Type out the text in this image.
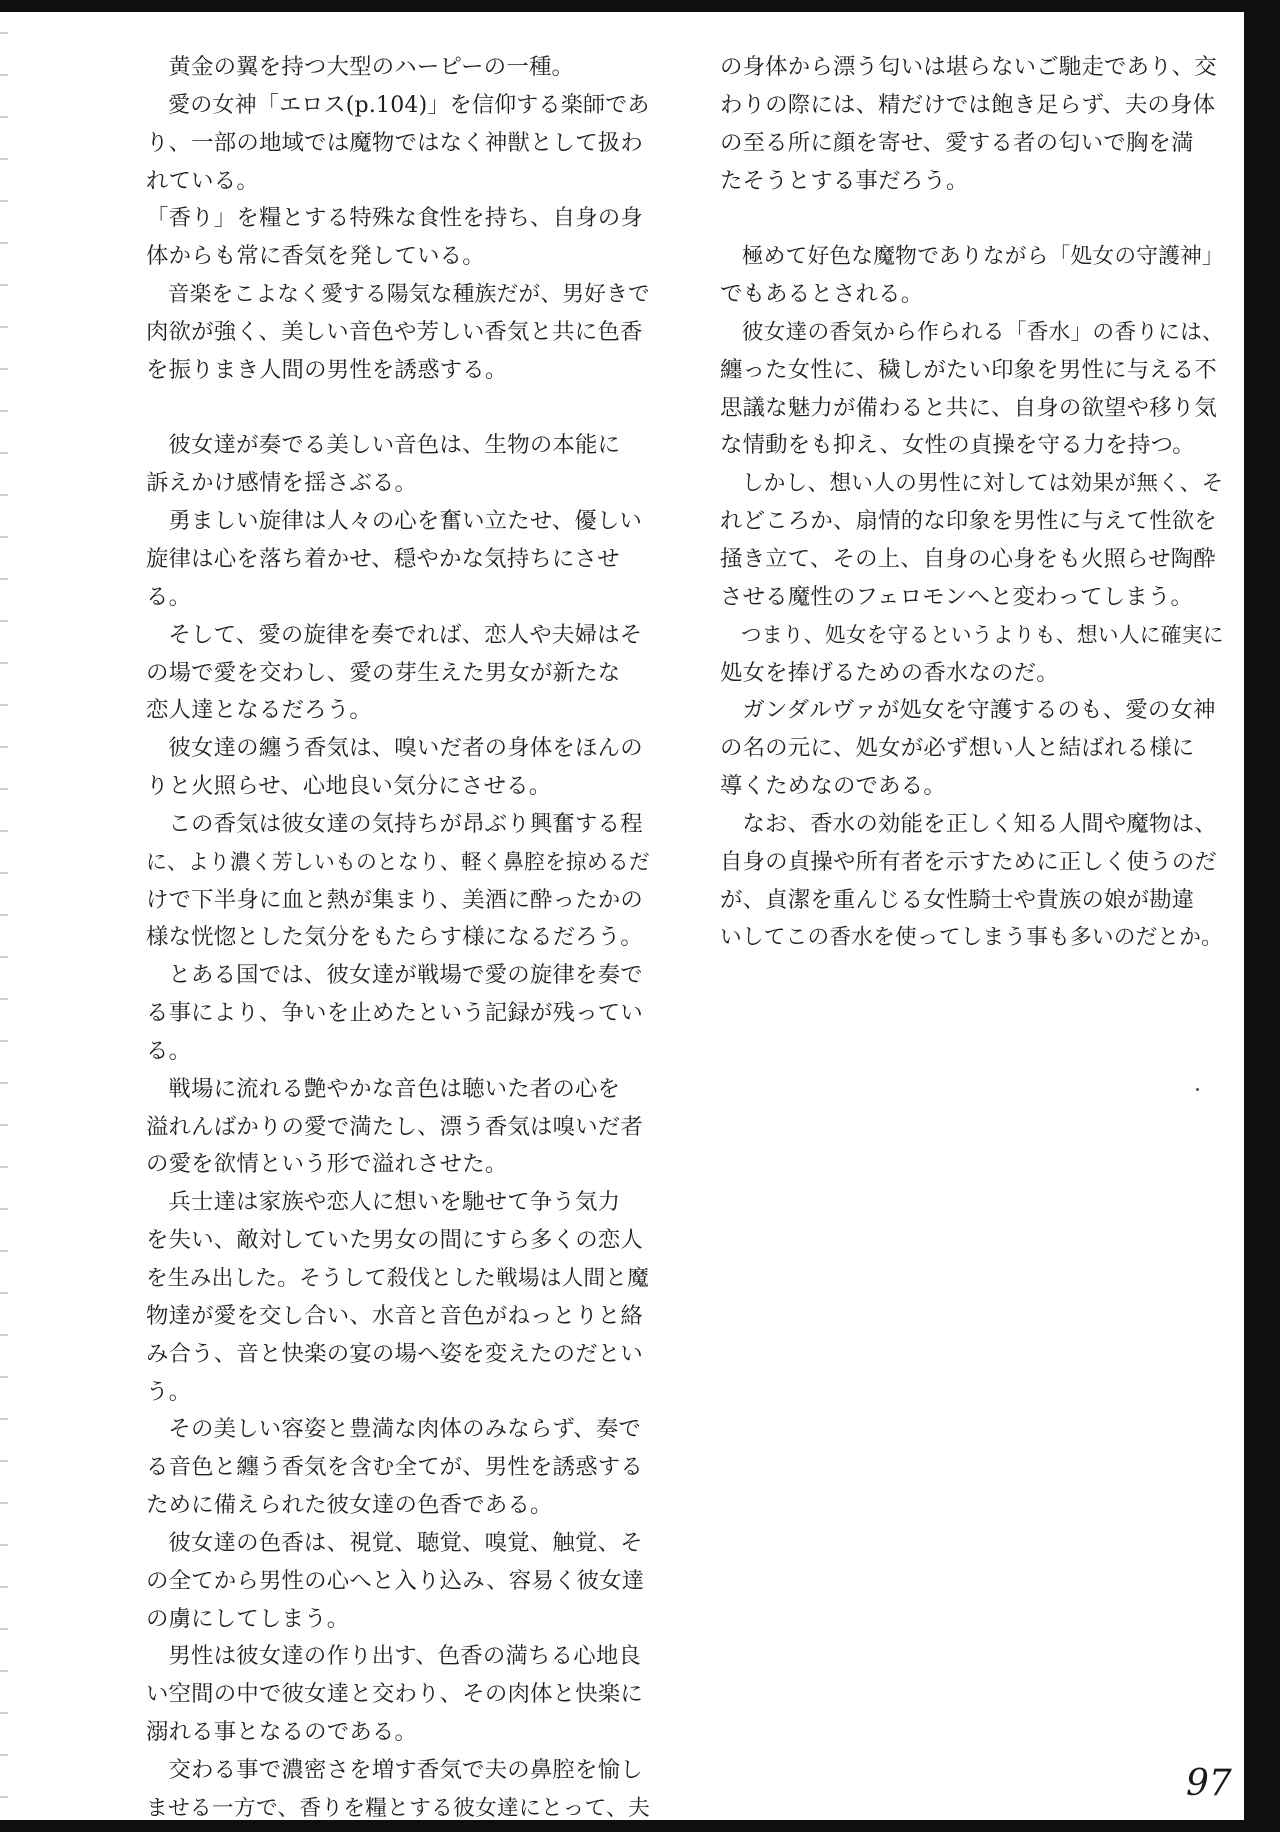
黄金の翼を持つ大型のハーピーの一種。

愛の女神「エロス(p.104)」を信仰する楽師であ

り、一部の地域では魔物ではなく神獣として扱わ

れている。

「香り」を糧とする特殊な食性を持ち、自身の身

体からも常に香気を発している。

音楽をこよなく愛する陽気な種族だが、男好きで

肉欲が強く、美しい音色や芳しい香気と共に色香

を振りまき人間の男性を誘惑する。

彼女達が奏でる美しい音色は、生物の本能に

訴えかけ感情を揺さぶる。

勇ましい旋律は人々の心を奮い立たせ、優しい

旋律は心を落ち着かせ、穏やかな気持ちにさせ

る。

そして、愛の旋律を奏でれば、恋人や夫婦はそ

の場で愛を交わし、愛の芽生えた男女が新たな

恋人達となるだろう。

彼女達の纏う香気は、嗅いだ者の身体をほんの

りと火照らせ、心地良い気分にさせる。

この香気は彼女達の気持ちが昂ぶり興奮する程

に、より濃く芳しいものとなり、軽く鼻腔を掠めるだ

けで下半身に血と熱が集まり、美酒に酔ったかの

様な恍惚とした気分をもたらす様になるだろう。

とある国では、彼女達が戦場で愛の旋律を奏で

る事により、争いを止めたという記録が残ってい

る。

戦場に流れる艶やかな音色は聴いた者の心を

溢れんばかりの愛で満たし、漂う香気は嗅いだ者

の愛を欲情という形で溢れさせた。

兵士達は家族や恋人に想いを馳せて争う気力

を失い、敵対していた男女の間にすら多くの恋人

を生み出した。そうして殺伐とした戦場は人間と魔

物達が愛を交し合い、水音と音色がねっとりと絡

み合う、音と快楽の宴の場へ姿を変えたのだとい

う。

その美しい容姿と豊満な肉体のみならず、奏で

る音色と纏う香気を含む全てが、男性を誘惑する

ために備えられた彼女達の色香である。

彼女達の色香は、視覚、聴覚、嗅覚、触覚、そ

の全てから男性の心へと入り込み、容易く彼女達

の虜にしてしまう。

男性は彼女達の作り出す、色香の満ちる心地良

い空間の中で彼女達と交わり、その肉体と快楽に

溺れる事となるのである。

交わる事で濃密さを増す香気で夫の鼻腔を愉し

ませる一方で、香りを糧とする彼女達にとって、夫

の身体から漂う匂いは堪らないご馳走であり、交

わりの際には、精だけでは飽き足らず、夫の身体

の至る所に顔を寄せ、愛する者の匂いで胸を満

たそうとする事だろう。

極めて好色な魔物でありながら「処女の守護神」

でもあるとされる。

彼女達の香気から作られる「香水」の香りには、

纏った女性に、穢しがたい印象を男性に与える不

思議な魅力が備わると共に、自身の欲望や移り気

な情動をも抑え、女性の貞操を守る力を持つ。

しかし、想い人の男性に対しては効果が無く、そ

れどころか、扇情的な印象を男性に与えて性欲を

掻き立て、その上、自身の心身をも火照らせ陶酔

させる魔性のフェロモンへと変わってしまう。

つまり、処女を守るというよりも、想い人に確実に

処女を捧げるための香水なのだ。

ガンダルヴァが処女を守護するのも、愛の女神

の名の元に、処女が必ず想い人と結ばれる様に

導くためなのである。

なお、香水の効能を正しく知る人間や魔物は、

自身の貞操や所有者を示すために正しく使うのだ

が、貞潔を重んじる女性騎士や貴族の娘が勘違

いしてこの香水を使ってしまう事も多いのだとか。

97
